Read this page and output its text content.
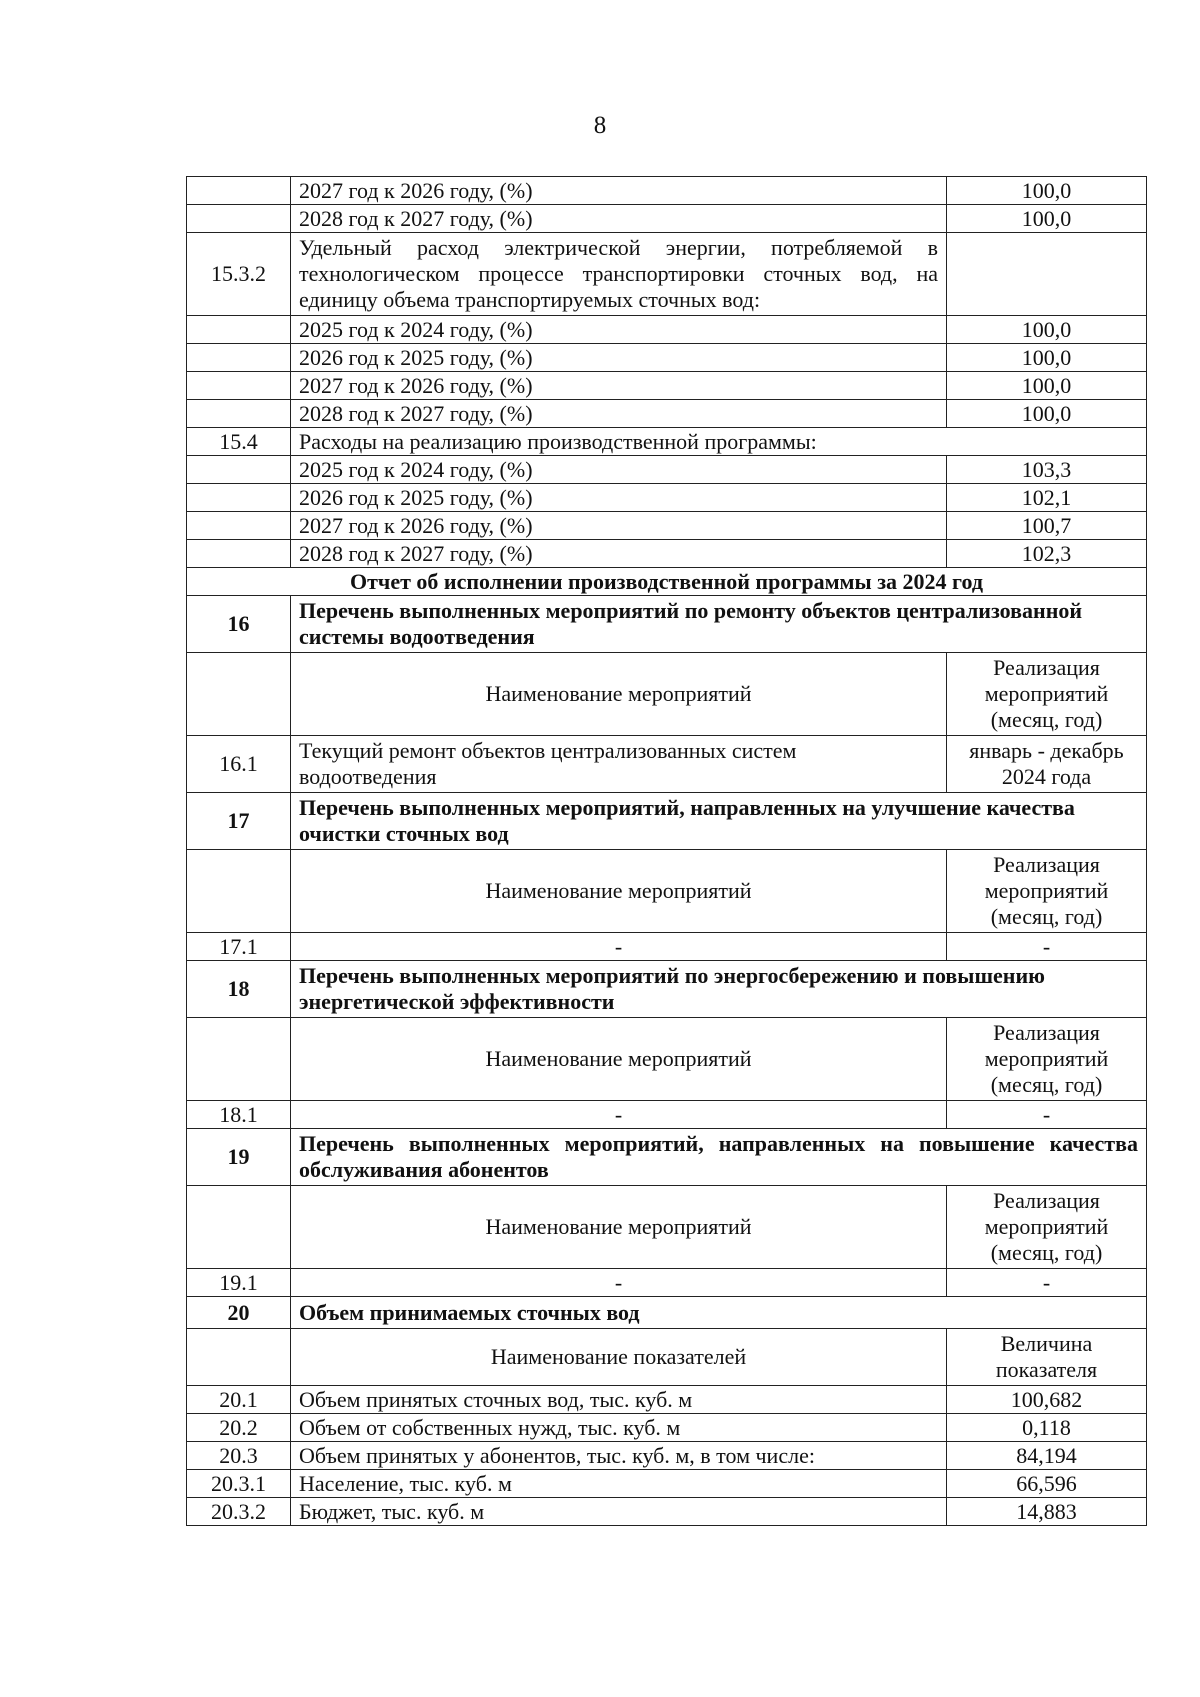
8
	2027 год к 2026 году, (%)	100,0
	2028 год к 2027 году, (%)	100,0
15.3.2	Удельный расход электрической энергии, потребляемой в технологическом процессе транспортировки сточных вод, на единицу объема транспортируемых сточных вод:	
	2025 год к 2024 году, (%)	100,0
	2026 год к 2025 году, (%)	100,0
	2027 год к 2026 году, (%)	100,0
	2028 год к 2027 году, (%)	100,0
15.4	Расходы на реализацию производственной программы:	
	2025 год к 2024 году, (%)	103,3
	2026 год к 2025 году, (%)	102,1
	2027 год к 2026 году, (%)	100,7
	2028 год к 2027 году, (%)	102,3
Отчет об исполнении производственной программы за 2024 год		
16	Перечень выполненных мероприятий по ремонту объектов централизованной системы водоотведения	
	Наименование мероприятий	Реализация мероприятий (месяц, год)
16.1	Текущий ремонт объектов централизованных систем водоотведения	январь - декабрь 2024 года
17	Перечень выполненных мероприятий, направленных на улучшение качества очистки сточных вод	
	Наименование мероприятий	Реализация мероприятий (месяц, год)
17.1	-	-
18	Перечень выполненных мероприятий по энергосбережению и повышению энергетической эффективности	
	Наименование мероприятий	Реализация мероприятий (месяц, год)
18.1	-	-
19	Перечень выполненных мероприятий, направленных на повышение качества обслуживания абонентов	
	Наименование мероприятий	Реализация мероприятий (месяц, год)
19.1	-	-
20	Объем принимаемых сточных вод	
	Наименование показателей	Величина показателя
20.1	Объем принятых сточных вод, тыс. куб. м	100,682
20.2	Объем от собственных нужд, тыс. куб. м	0,118
20.3	Объем принятых у абонентов, тыс. куб. м, в том числе:	84,194
20.3.1	Население, тыс. куб. м	66,596
20.3.2	Бюджет, тыс. куб. м	14,883
